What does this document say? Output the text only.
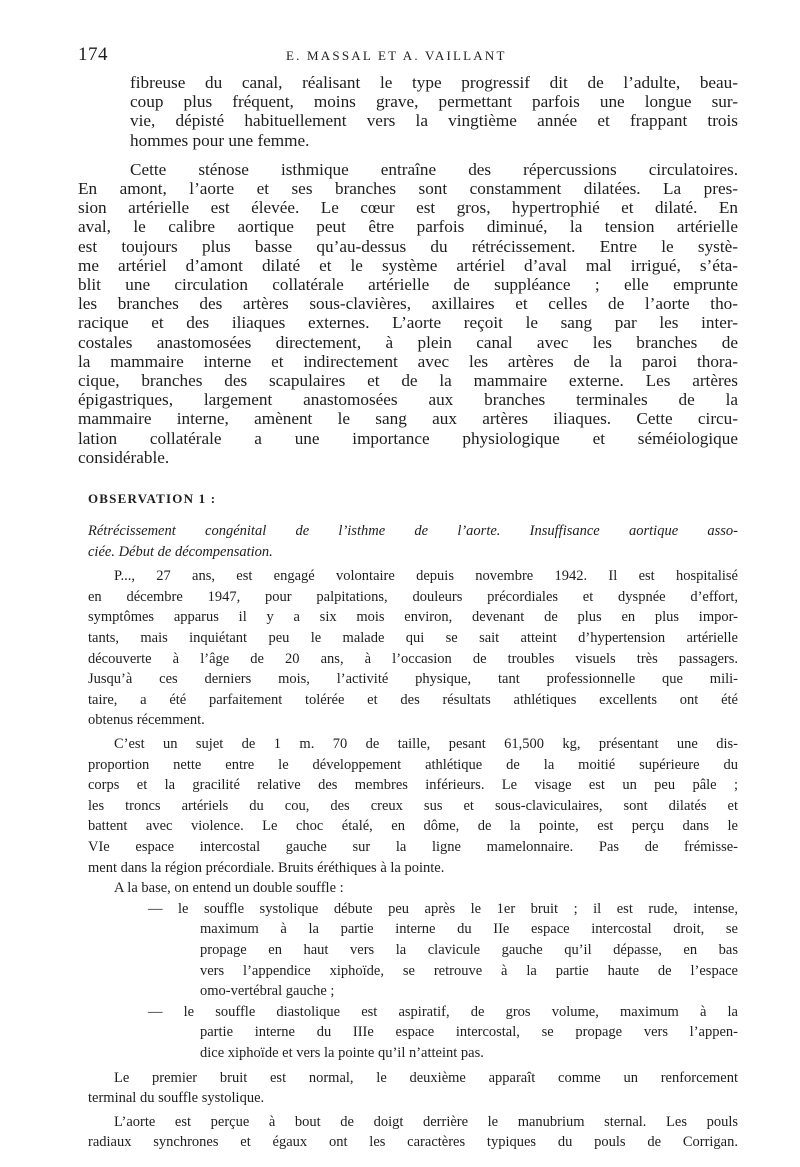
174	E. MASSAL ET A. VAILLANT
fibreuse du canal, réalisant le type progressif dit de l’adulte, beau-
coup plus fréquent, moins grave, permettant parfois une longue sur-
vie, dépisté habituellement vers la vingtième année et frappant trois
hommes pour une femme.
Cette sténose isthmique entraîne des répercussions circulatoires.
En amont, l’aorte et ses branches sont constamment dilatées. La pres-
sion artérielle est élevée. Le cœur est gros, hypertrophié et dilaté. En
aval, le calibre aortique peut être parfois diminué, la tension artérielle
est toujours plus basse qu’au-dessus du rétrécissement. Entre le systè-
me artériel d’amont dilaté et le système artériel d’aval mal irrigué, s’éta-
blit une circulation collatérale artérielle de suppléance ; elle emprunte
les branches des artères sous-clavières, axillaires et celles de l’aorte tho-
racique et des iliaques externes. L’aorte reçoit le sang par les inter-
costales anastomosées directement, à plein canal avec les branches de
la mammaire interne et indirectement avec les artères de la paroi thora-
cique, branches des scapulaires et de la mammaire externe. Les artères
épigastriques, largement anastomosées aux branches terminales de la
mammaire interne, amènent le sang aux artères iliaques. Cette circu-
lation collatérale a une importance physiologique et séméiologique
considérable.
OBSERVATION 1 :
Rétrécissement congénital de l’isthme de l’aorte. Insuffisance aortique asso-
ciée. Début de décompensation.
P..., 27 ans, est engagé volontaire depuis novembre 1942. Il est hospitalisé
en décembre 1947, pour palpitations, douleurs précordiales et dyspnée d’effort,
symptômes apparus il y a six mois environ, devenant de plus en plus impor-
tants, mais inquiétant peu le malade qui se sait atteint d’hypertension artérielle
découverte à l’âge de 20 ans, à l’occasion de troubles visuels très passagers.
Jusqu’à ces derniers mois, l’activité physique, tant professionnelle que mili-
taire, a été parfaitement tolérée et des résultats athlétiques excellents ont été
obtenus récemment.
C’est un sujet de 1 m. 70 de taille, pesant 61,500 kg, présentant une dis-
proportion nette entre le développement athlétique de la moitié supérieure du
corps et la gracilité relative des membres inférieurs. Le visage est un peu pâle ;
les troncs artériels du cou, des creux sus et sous-claviculaires, sont dilatés et
battent avec violence. Le choc étalé, en dôme, de la pointe, est perçu dans le
VIe espace intercostal gauche sur la ligne mamelonnaire. Pas de frémisse-
ment dans la région précordiale. Bruits éréthiques à la pointe.
A la base, on entend un double souffle :
— le souffle systolique débute peu après le 1er bruit ; il est rude, intense,
maximum à la partie interne du IIe espace intercostal droit, se
propage en haut vers la clavicule gauche qu’il dépasse, en bas
vers l’appendice xiphoïde, se retrouve à la partie haute de l’espace
omo-vertébral gauche ;
— le souffle diastolique est aspiratif, de gros volume, maximum à la
partie interne du IIIe espace intercostal, se propage vers l’appen-
dice xiphoïde et vers la pointe qu’il n’atteint pas.
Le premier bruit est normal, le deuxième apparaît comme un renforcement
terminal du souffle systolique.
L’aorte est perçue à bout de doigt derrière le manubrium sternal. Les pouls
radiaux synchrones et égaux ont les caractères typiques du pouls de Corrigan.
